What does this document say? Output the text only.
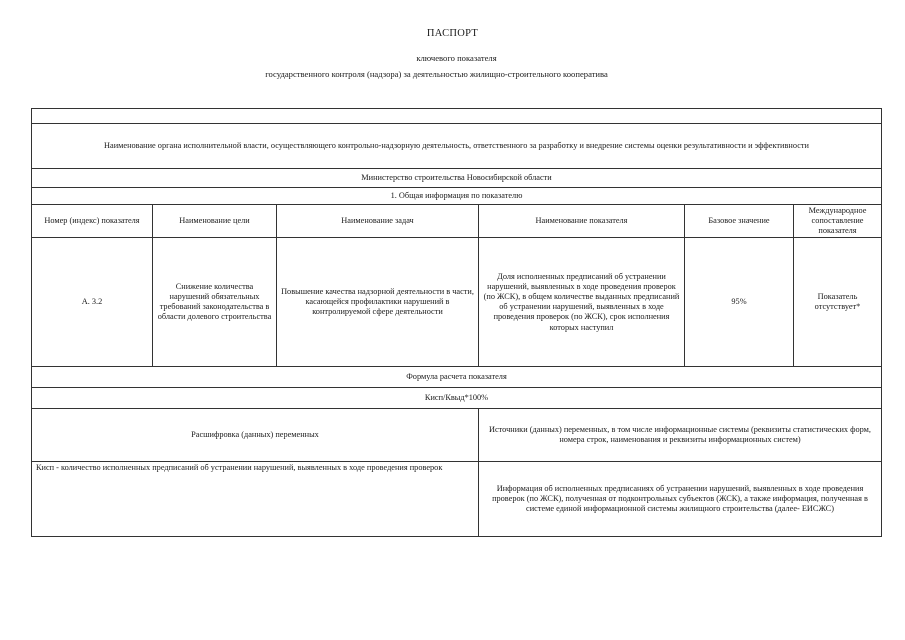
ПАСПОРТ
ключевого показателя
государственного контроля (надзора) за деятельностью жилищно-строительного кооператива

Наименование органа исполнительной власти, осуществляющего контрольно-надзорную деятельность, ответственного за разработку и внедрение системы оценки результативности и эффективности					
Министерство строительства Новосибирской области					
1. Общая информация по показателю					
Номер (индекс) показателя	Наименование цели	Наименование задач	Наименование показателя	Базовое значение	Международное сопоставление показателя
А. 3.2	Снижение количества нарушений обязательных требований законодательства в области долевого строительства	Повышение качества надзорной деятельности в части, касающейся профилактики нарушений в контролируемой сфере деятельности	Доля исполненных предписаний об устранении нарушений, выявленных в ходе проведения проверок (по ЖСК), в общем количестве выданных предписаний об устранении нарушений, выявленных в ходе проведения проверок (по ЖСК), срок исполнения которых наступил	95%	Показатель отсутствует*
Формула расчета показателя					
Кисп/Квыд*100%					
Расшифровка (данных) переменных			Источники (данных) переменных, в том числе информационные системы (реквизиты статистических форм, номера строк, наименования и реквизиты информационных систем)		
Кисп - количество исполненных предписаний об устранении нарушений, выявленных в ходе проведения проверок			Информация об исполненных предписаниях об устранении нарушений, выявленных в ходе проведения проверок (по ЖСК), полученная от подконтрольных субъектов (ЖСК), а также информация, полученная в системе единой информационной системы жилищного строительства (далее- ЕИСЖС)		
